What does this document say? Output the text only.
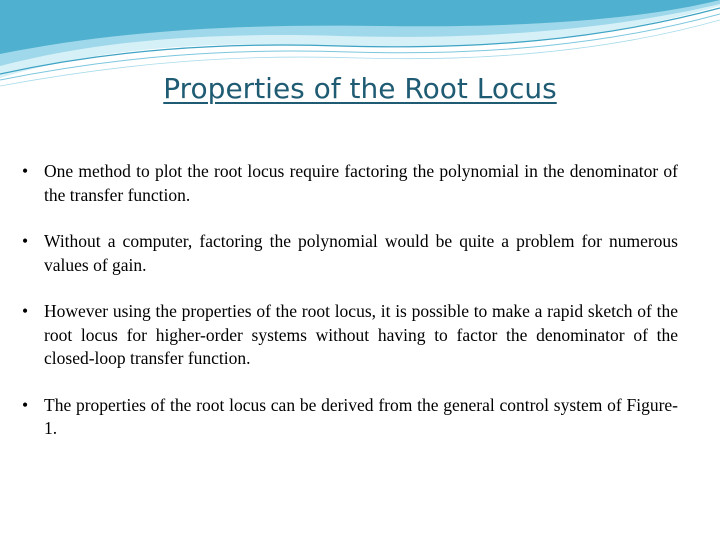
Properties of the Root Locus
• One method to plot the root locus require factoring the polynomial in the denominator of the transfer function.
• Without a computer, factoring the polynomial would be quite a problem for numerous values of gain.
• However using the properties of the root locus, it is possible to make a rapid sketch of the root locus for higher-order systems without having to factor the denominator of the closed-loop transfer function.
• The properties of the root locus can be derived from the general control system of Figure-1.
